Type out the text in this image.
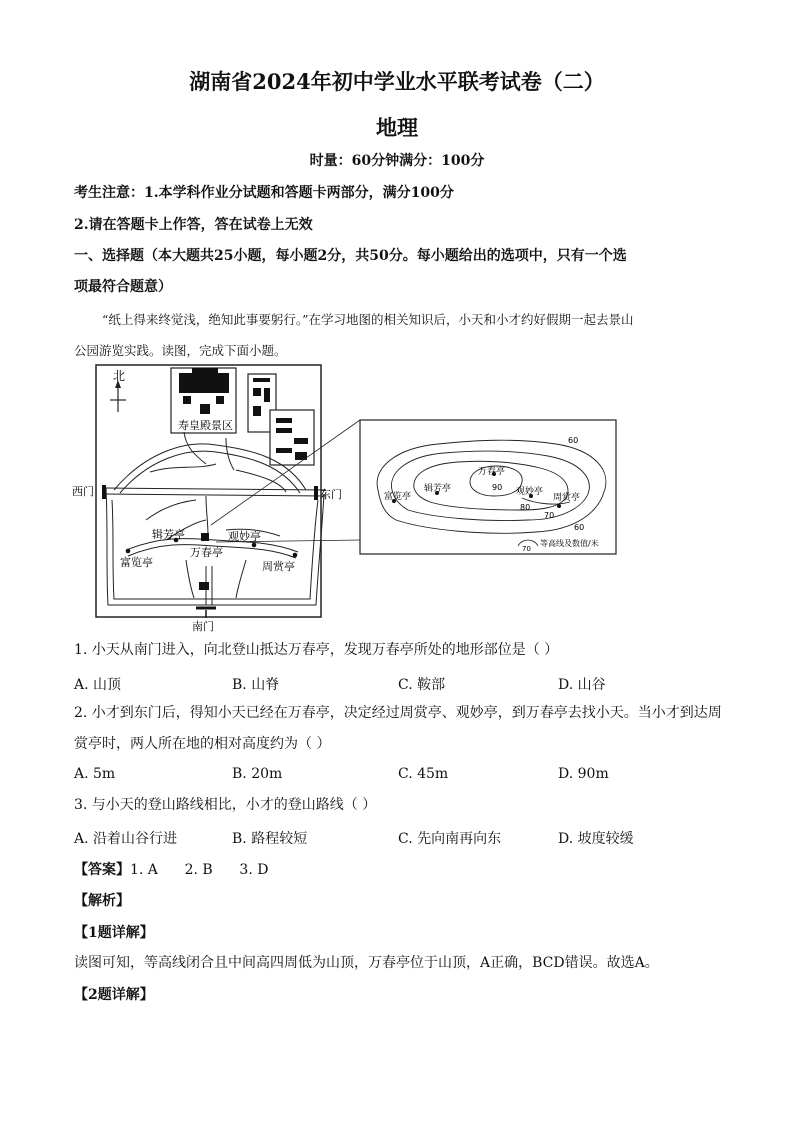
湖南省2024年初中学业水平联考试卷（二）
地理
时量：60分钟满分：100分
考生注意：1.本学科作业分试题和答题卡两部分，满分100分
2.请在答题卡上作答，答在试卷上无效
一、选择题（本大题共25小题，每小题2分，共50分。每小题给出的选项中，只有一个选
项最符合题意）
“纸上得来终觉浅，绝知此事要躬行。”在学习地图的相关知识后，小天和小才约好假期一起去景山
公园游览实践。读图，完成下面小题。
北
寿皇殿景区
西门	东门
南门
辑芳亭	观妙亭
万春亭
富览亭	周赏亭
富览亭
辑芳亭
万春亭
观妙亭
周赏亭
90
80
70
60
60
70
等高线及数值/米
1. 小天从南门进入，向北登山抵达万春亭，发现万春亭所处的地形部位是（ ）
A. 山顶	B. 山脊	C. 鞍部	D. 山谷
2. 小才到东门后，得知小天已经在万春亭，决定经过周赏亭、观妙亭，到万春亭去找小天。当小才到达周
赏亭时，两人所在地的相对高度约为（ ）
A. 5m	B. 20m	C. 45m	D. 90m
3. 与小天的登山路线相比，小才的登山路线（ ）
A. 沿着山谷行进	B. 路程较短	C. 先向南再向东	D. 坡度较缓
【答案】1. A      2. B      3. D
【解析】
【1题详解】
读图可知，等高线闭合且中间高四周低为山顶，万春亭位于山顶，A正确，BCD错误。故选A。
【2题详解】
